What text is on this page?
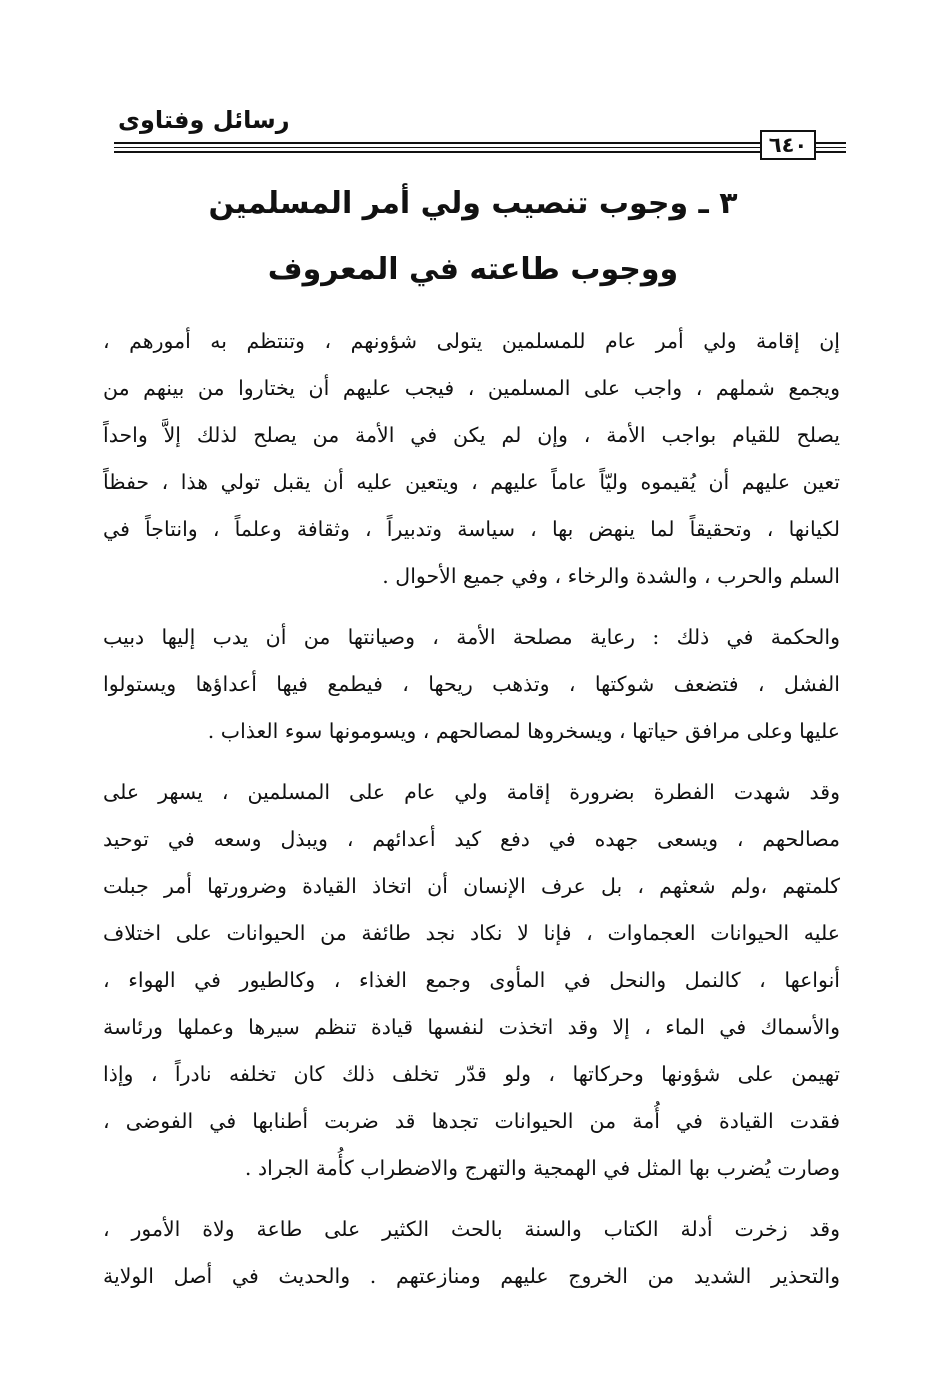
رسائل وفتاوى
٦٤٠
٣ ـ وجوب تنصيب ولي أمر المسلمين
ووجوب طاعته في المعروف
إن إقامة ولي أمر عام للمسلمين يتولى شؤونهم ، وتنتظم به أمورهم ،
ويجمع شملهم ، واجب على المسلمين ، فيجب عليهم أن يختاروا من بينهم من
يصلح للقيام بواجب الأمة ، وإن لم يكن في الأمة من يصلح لذلك إلاَّ واحداً
تعين عليهم أن يُقيموه وليّاً عاماً عليهم ، ويتعين عليه أن يقبل تولي هذا ، حفظاً
لكيانها ، وتحقيقاً لما ينهض بها ، سياسة وتدبيراً ، وثقافة وعلماً ، وانتاجاً في
السلم والحرب ، والشدة والرخاء ، وفي جميع الأحوال .
والحكمة في ذلك : رعاية مصلحة الأمة ، وصيانتها من أن يدب إليها دبيب
الفشل ، فتضعف شوكتها ، وتذهب ريحها ، فيطمع فيها أعداؤها ويستولوا
عليها وعلى مرافق حياتها ، ويسخروها لمصالحهم ، ويسومونها سوء العذاب .
وقد شهدت الفطرة بضرورة إقامة ولي عام على المسلمين ، يسهر على
مصالحهم ، ويسعى جهده في دفع كيد أعدائهم ، ويبذل وسعه في توحيد
كلمتهم ،ولم شعثهم ، بل عرف الإنسان أن اتخاذ القيادة وضرورتها أمر جبلت
عليه الحيوانات العجماوات ، فإنا لا نكاد نجد طائفة من الحيوانات على اختلاف
أنواعها ، كالنمل والنحل في المأوى وجمع الغذاء ، وكالطيور في الهواء ،
والأسماك في الماء ، إلا وقد اتخذت لنفسها قيادة تنظم سيرها وعملها ورئاسة
تهيمن على شؤونها وحركاتها ، ولو قدّر تخلف ذلك كان تخلفه نادراً ، وإذا
فقدت القيادة في أُمة من الحيوانات تجدها قد ضربت أطنابها في الفوضى ،
وصارت يُضرب بها المثل في الهمجية والتهرج والاضطراب كأُمة الجراد .
وقد زخرت أدلة الكتاب والسنة بالحث الكثير على طاعة ولاة الأمور ،
والتحذير الشديد من الخروج عليهم ومنازعتهم . والحديث في أصل الولاية
